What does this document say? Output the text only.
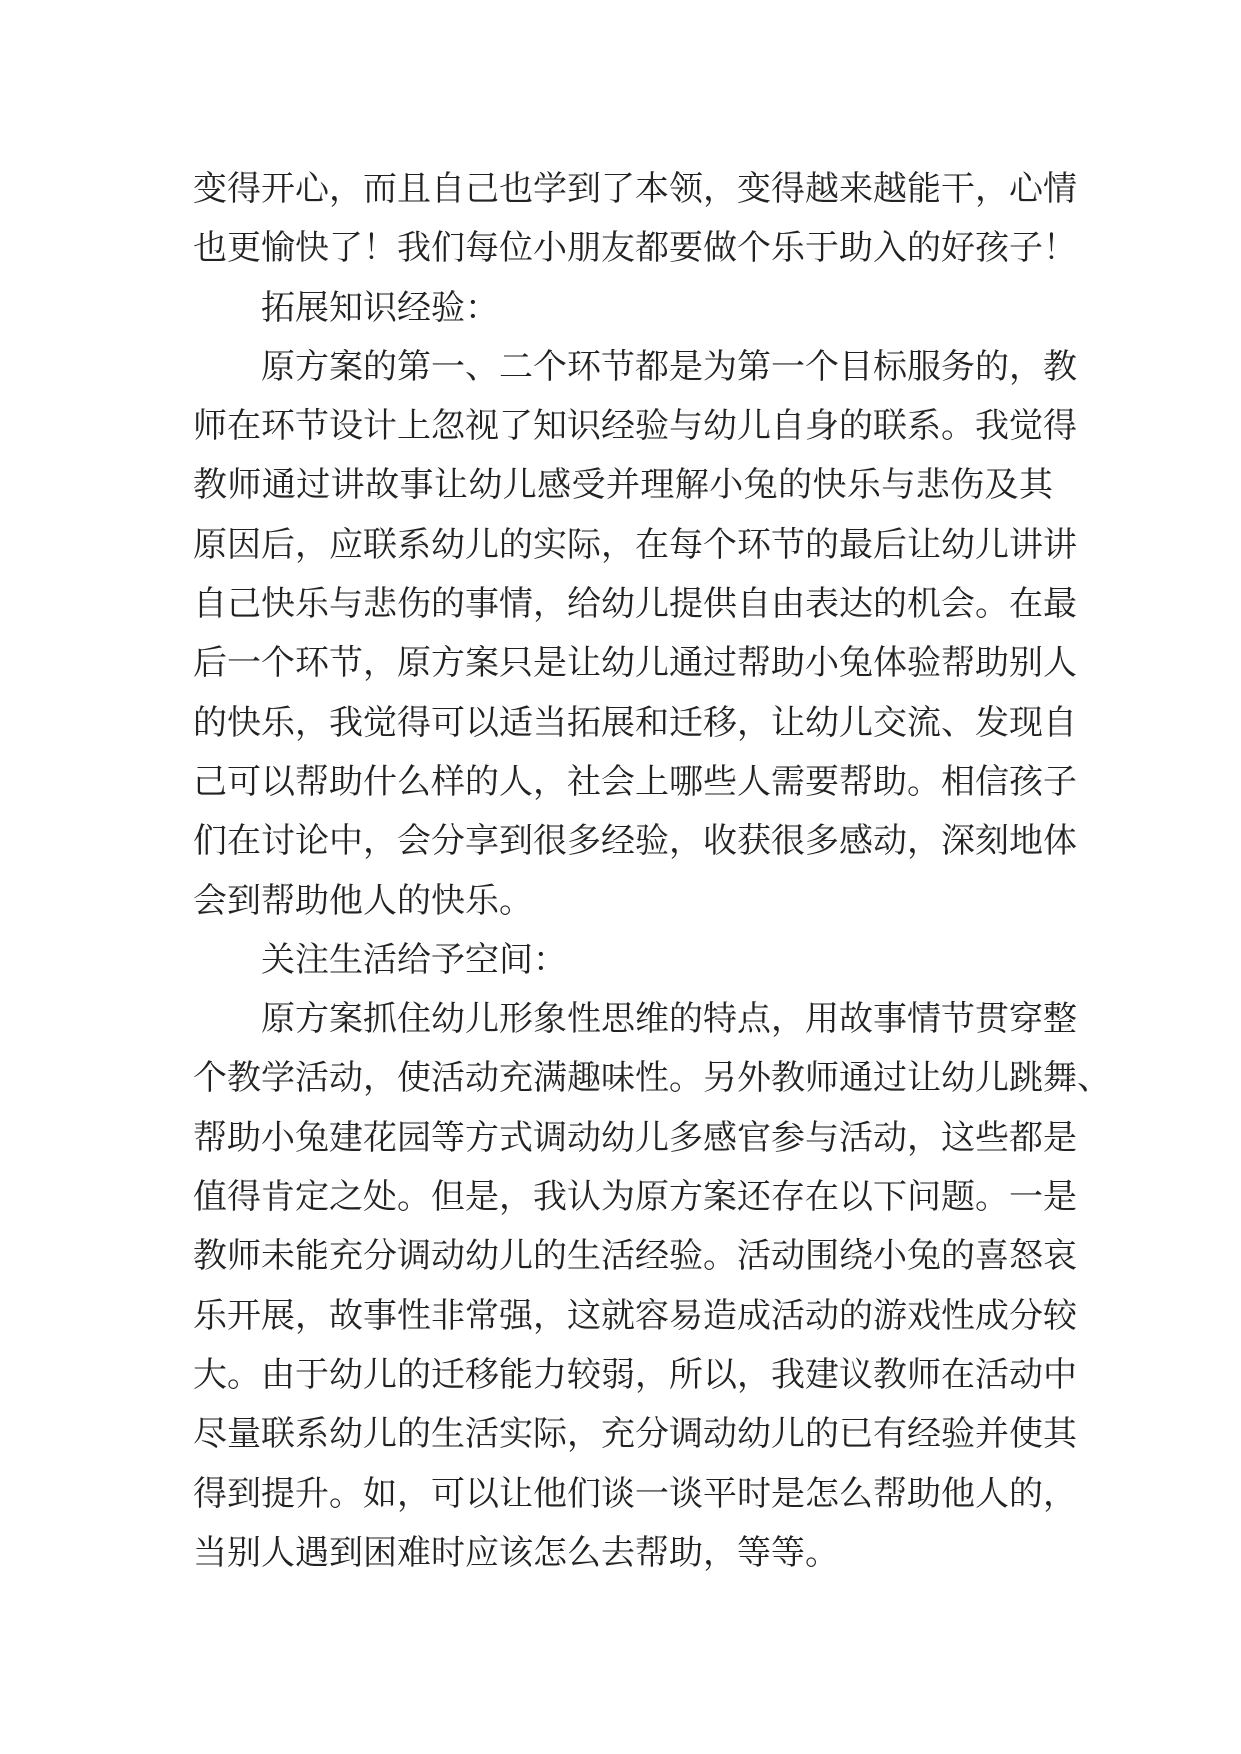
变得开心，而且自己也学到了本领，变得越来越能干，心情
也更愉快了！我们每位小朋友都要做个乐于助入的好孩子！
拓展知识经验：
原方案的第一、二个环节都是为第一个目标服务的，教
师在环节设计上忽视了知识经验与幼儿自身的联系。我觉得
教师通过讲故事让幼儿感受并理解小兔的快乐与悲伤及其
原因后，应联系幼儿的实际，在每个环节的最后让幼儿讲讲
自己快乐与悲伤的事情，给幼儿提供自由表达的机会。在最
后一个环节，原方案只是让幼儿通过帮助小兔体验帮助别人
的快乐，我觉得可以适当拓展和迁移，让幼儿交流、发现自
己可以帮助什么样的人，社会上哪些人需要帮助。相信孩子
们在讨论中，会分享到很多经验，收获很多感动，深刻地体
会到帮助他人的快乐。
关注生活给予空间：
原方案抓住幼儿形象性思维的特点，用故事情节贯穿整
个教学活动，使活动充满趣味性。另外教师通过让幼儿跳舞、
帮助小兔建花园等方式调动幼儿多感官参与活动，这些都是
值得肯定之处。但是，我认为原方案还存在以下问题。一是
教师未能充分调动幼儿的生活经验。活动围绕小兔的喜怒哀
乐开展，故事性非常强，这就容易造成活动的游戏性成分较
大。由于幼儿的迁移能力较弱，所以，我建议教师在活动中
尽量联系幼儿的生活实际，充分调动幼儿的已有经验并使其
得到提升。如，可以让他们谈一谈平时是怎么帮助他人的，
当别人遇到困难时应该怎么去帮助，等等。
